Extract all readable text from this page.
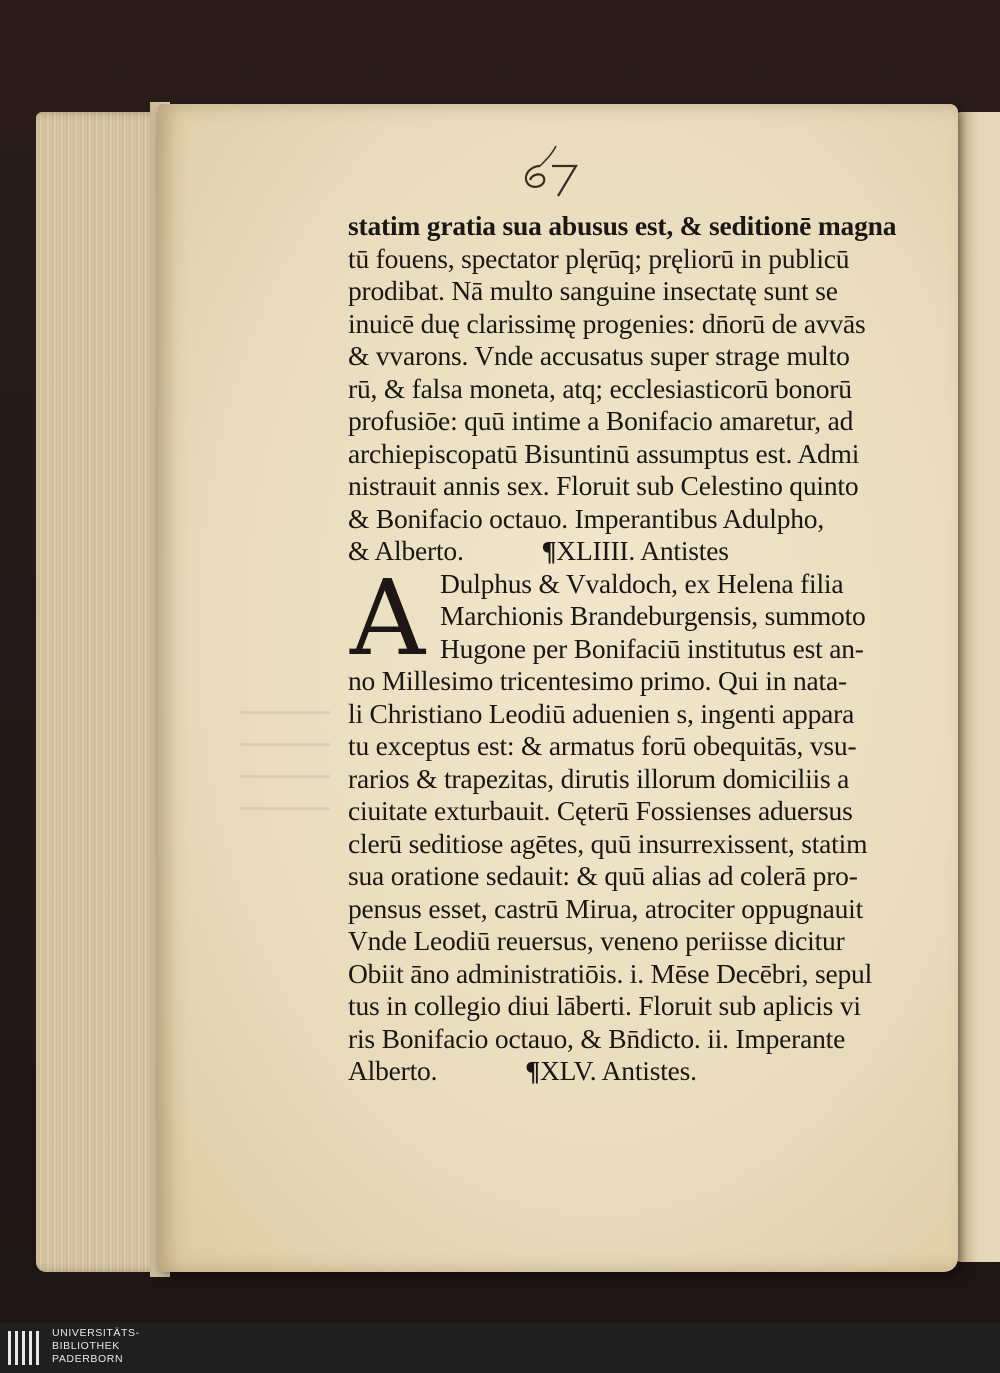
statim gratia sua abusus est, & seditionē magna
tū fouens, spectator plęrūq; pręliorū in publicū
prodibat. Nā multo sanguine insectatę sunt se
inuicē duę clarissimę progenies: dn̄orū de avvās
& vvarons. Vnde accusatus super strage multo
rū, & falsa moneta, atq; ecclesiasticorū bonorū
profusiōe: quū intime a Bonifacio amaretur, ad
archiepiscopatū Bisuntinū assumptus est. Admi
nistrauit annis sex. Floruit sub Celestino quinto
& Bonifacio octauo. Imperantibus Adulpho,
& Alberto.	¶XLIIII. Antistes
A Dulphus & Vvaldoch, ex Helena filia
Marchionis Brandeburgensis, summoto
Hugone per Bonifaciū institutus est an-
no Millesimo tricentesimo primo. Qui in nata-
li Christiano Leodiū aduenien s, ingenti appara
tu exceptus est: & armatus forū obequitās, vsu-
rarios & trapezitas, dirutis illorum domiciliis a
ciuitate exturbauit. Cęterū Fossienses aduersus
clerū seditiose agētes, quū insurrexissent, statim
sua oratione sedauit: & quū alias ad colerā pro-
pensus esset, castrū Mirua, atrociter oppugnauit
Vnde Leodiū reuersus, veneno periisse dicitur
Obiit āno administratiōis. i. Mēse Decēbri, sepul
tus in collegio diui lāberti. Floruit sub aplicis vi
ris Bonifacio octauo, & Bn̄dicto. ii. Imperante
Alberto.	¶XLV. Antistes.
UNIVERSITÄTS-
BIBLIOTHEK
PADERBORN
